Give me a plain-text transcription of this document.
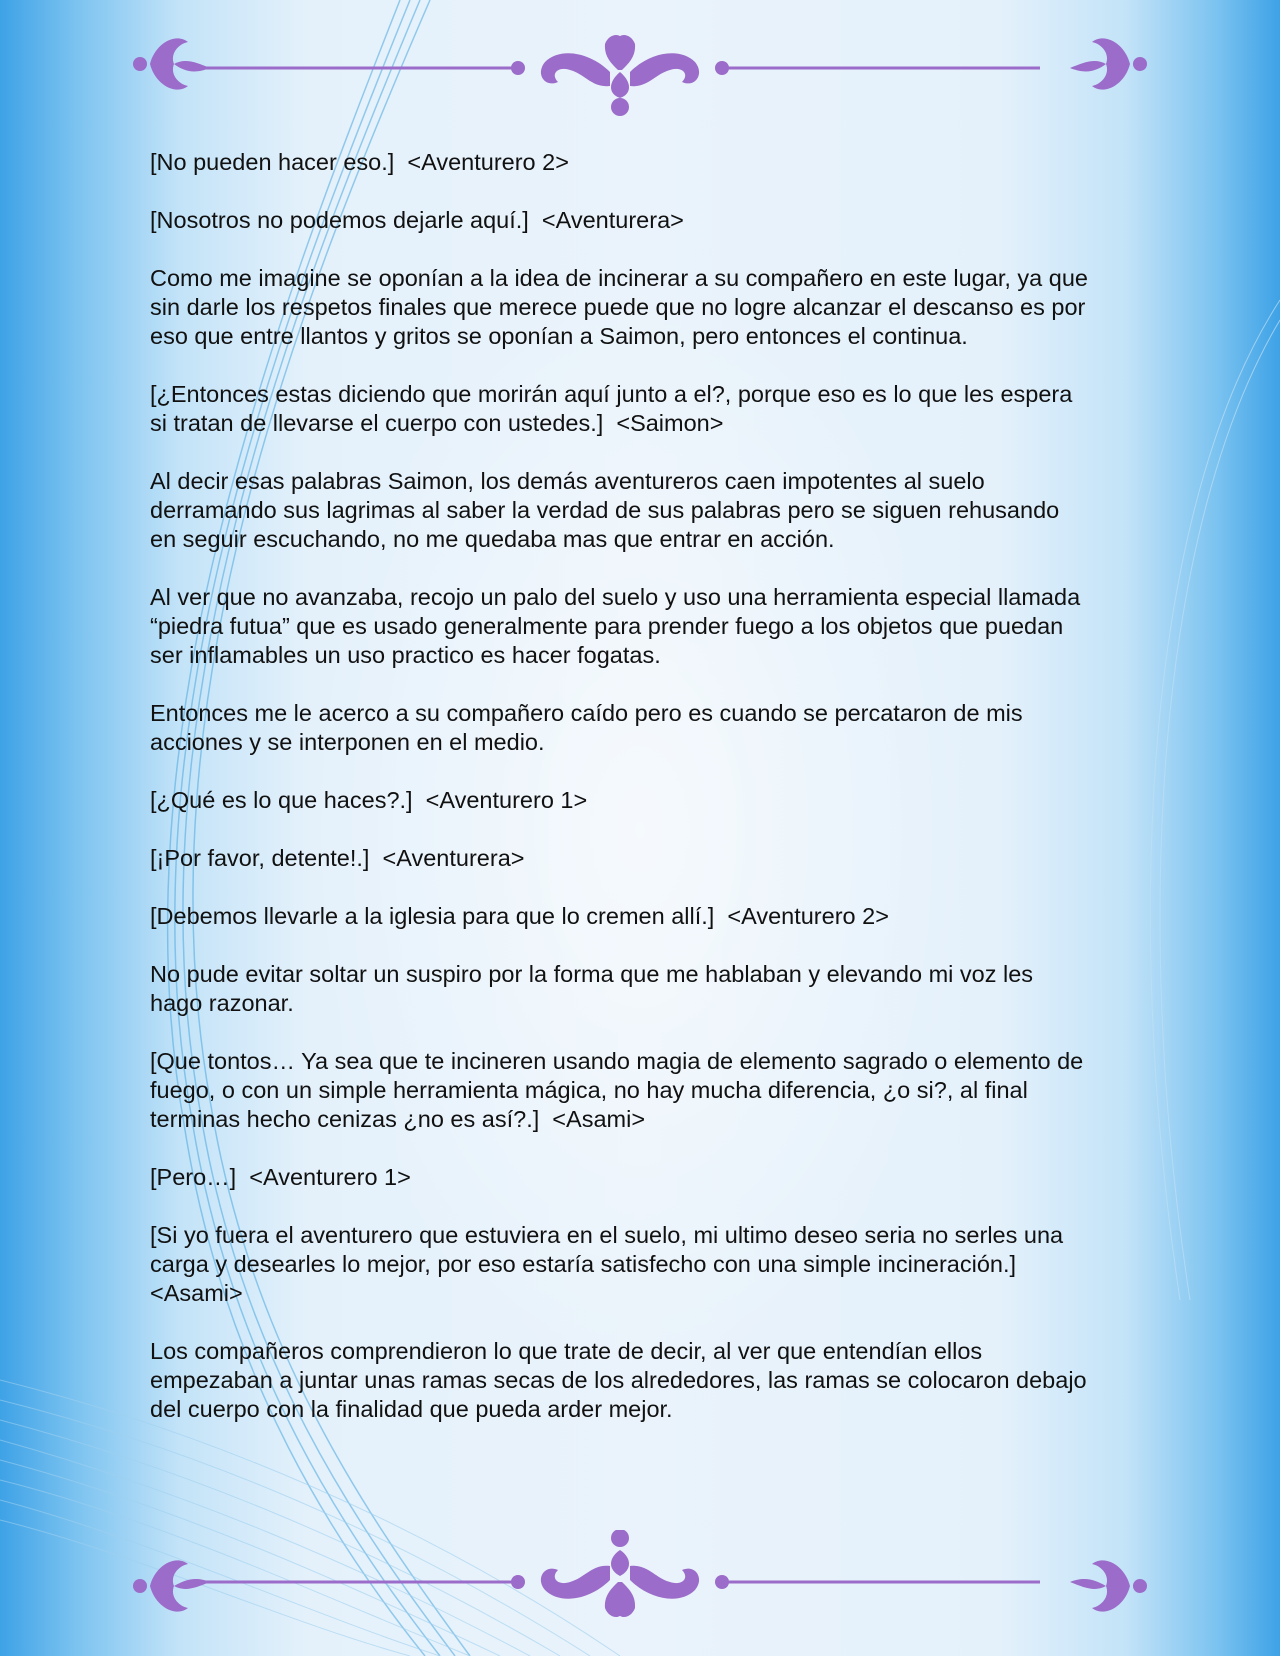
[No pueden hacer eso.]  <Aventurero 2>

[Nosotros no podemos dejarle aquí.]  <Aventurera>

Como me imagine se oponían a la idea de incinerar a su compañero en este lugar, ya que sin darle los respetos finales que merece puede que no logre alcanzar el descanso es por eso que entre llantos y gritos se oponían a Saimon, pero entonces el continua.

[¿Entonces estas diciendo que morirán aquí junto a el?, porque eso es lo que les espera si tratan de llevarse el cuerpo con ustedes.]  <Saimon>

Al decir esas palabras Saimon, los demás aventureros caen impotentes al suelo derramando sus lagrimas al saber la verdad de sus palabras pero se siguen rehusando en seguir escuchando, no me quedaba mas que entrar en acción.

Al ver que no avanzaba, recojo un palo del suelo y uso una herramienta especial llamada “piedra futua” que es usado generalmente para prender fuego a los objetos que puedan ser inflamables un uso practico es hacer fogatas.

Entonces me le acerco a su compañero caído pero es cuando se percataron de mis acciones y se interponen en el medio.

[¿Qué es lo que haces?.]  <Aventurero 1>

[¡Por favor, detente!.]  <Aventurera>

[Debemos llevarle a la iglesia para que lo cremen allí.]  <Aventurero 2>

No pude evitar soltar un suspiro por la forma que me hablaban y elevando mi voz les hago razonar.

[Que tontos… Ya sea que te incineren usando magia de elemento sagrado o elemento de fuego, o con un simple herramienta mágica, no hay mucha diferencia, ¿o si?, al final terminas hecho cenizas ¿no es así?.]  <Asami>

[Pero…]  <Aventurero 1>

[Si yo fuera el aventurero que estuviera en el suelo, mi ultimo deseo seria no serles una carga y desearles lo mejor, por eso estaría satisfecho con una simple incineración.]  <Asami>

Los compañeros comprendieron lo que trate de decir, al ver que entendían ellos empezaban a juntar unas ramas secas de los alrededores, las ramas se colocaron debajo del cuerpo con la finalidad que pueda arder mejor.
